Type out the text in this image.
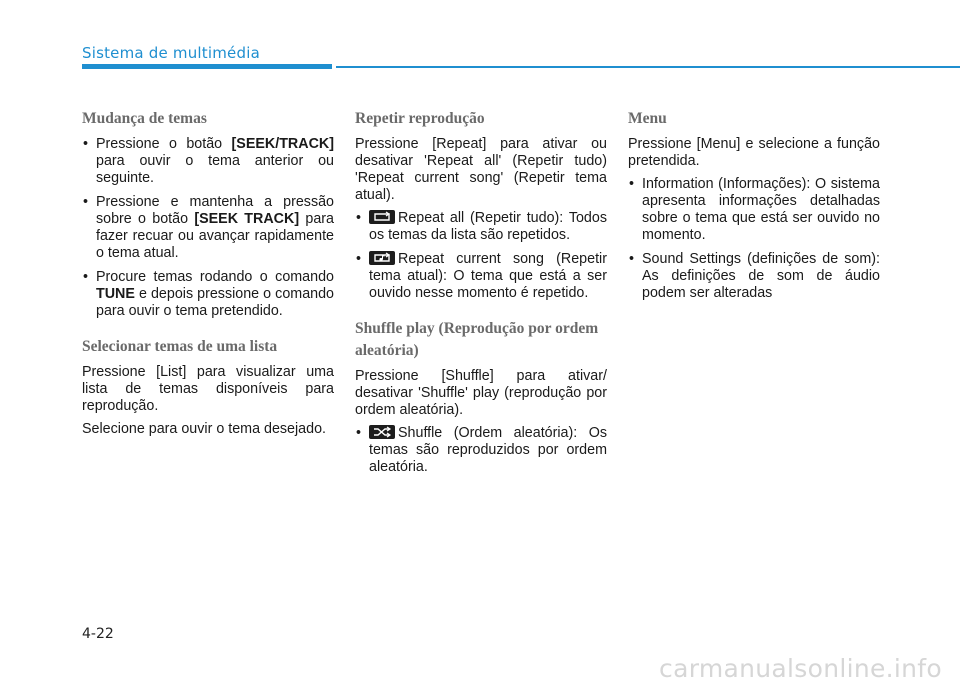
Sistema de multimédia
Mudança de temas
• Pressione o botão [SEEK/TRACK] para ouvir o tema anterior ou seguinte.
• Pressione e mantenha a pressão sobre o botão [SEEK TRACK] para fazer recuar ou avançar rapidamente o tema atual.
• Procure temas rodando o comando TUNE e depois pressione o comando para ouvir o tema pretendido.
Selecionar temas de uma lista

Pressione [List] para visualizar uma lista de temas disponíveis para reprodução.

Selecione para ouvir o tema desejado.

Repetir reprodução

Pressione [Repeat] para ativar ou desativar 'Repeat all' (Repetir tudo) 'Repeat current song' (Repetir tema atual).

• Repeat all (Repetir tudo): Todos os temas da lista são repetidos.
• Repeat current song (Repetir tema atual): O tema que está a ser ouvido nesse momento é repetido.
Shuffle play (Reprodução por ordem aleatória)

Pressione [Shuffle] para ativar/ desativar 'Shuffle' play (reprodução por ordem aleatória).

• Shuffle (Ordem aleatória): Os temas são reproduzidos por ordem aleatória.
Menu

Pressione [Menu] e selecione a função pretendida.

• Information (Informações): O sistema apresenta informações detalhadas sobre o tema que está ser ouvido no momento.
• Sound Settings (definições de som): As definições de som de áudio podem ser alteradas
4-22
carmanualsonline.info
